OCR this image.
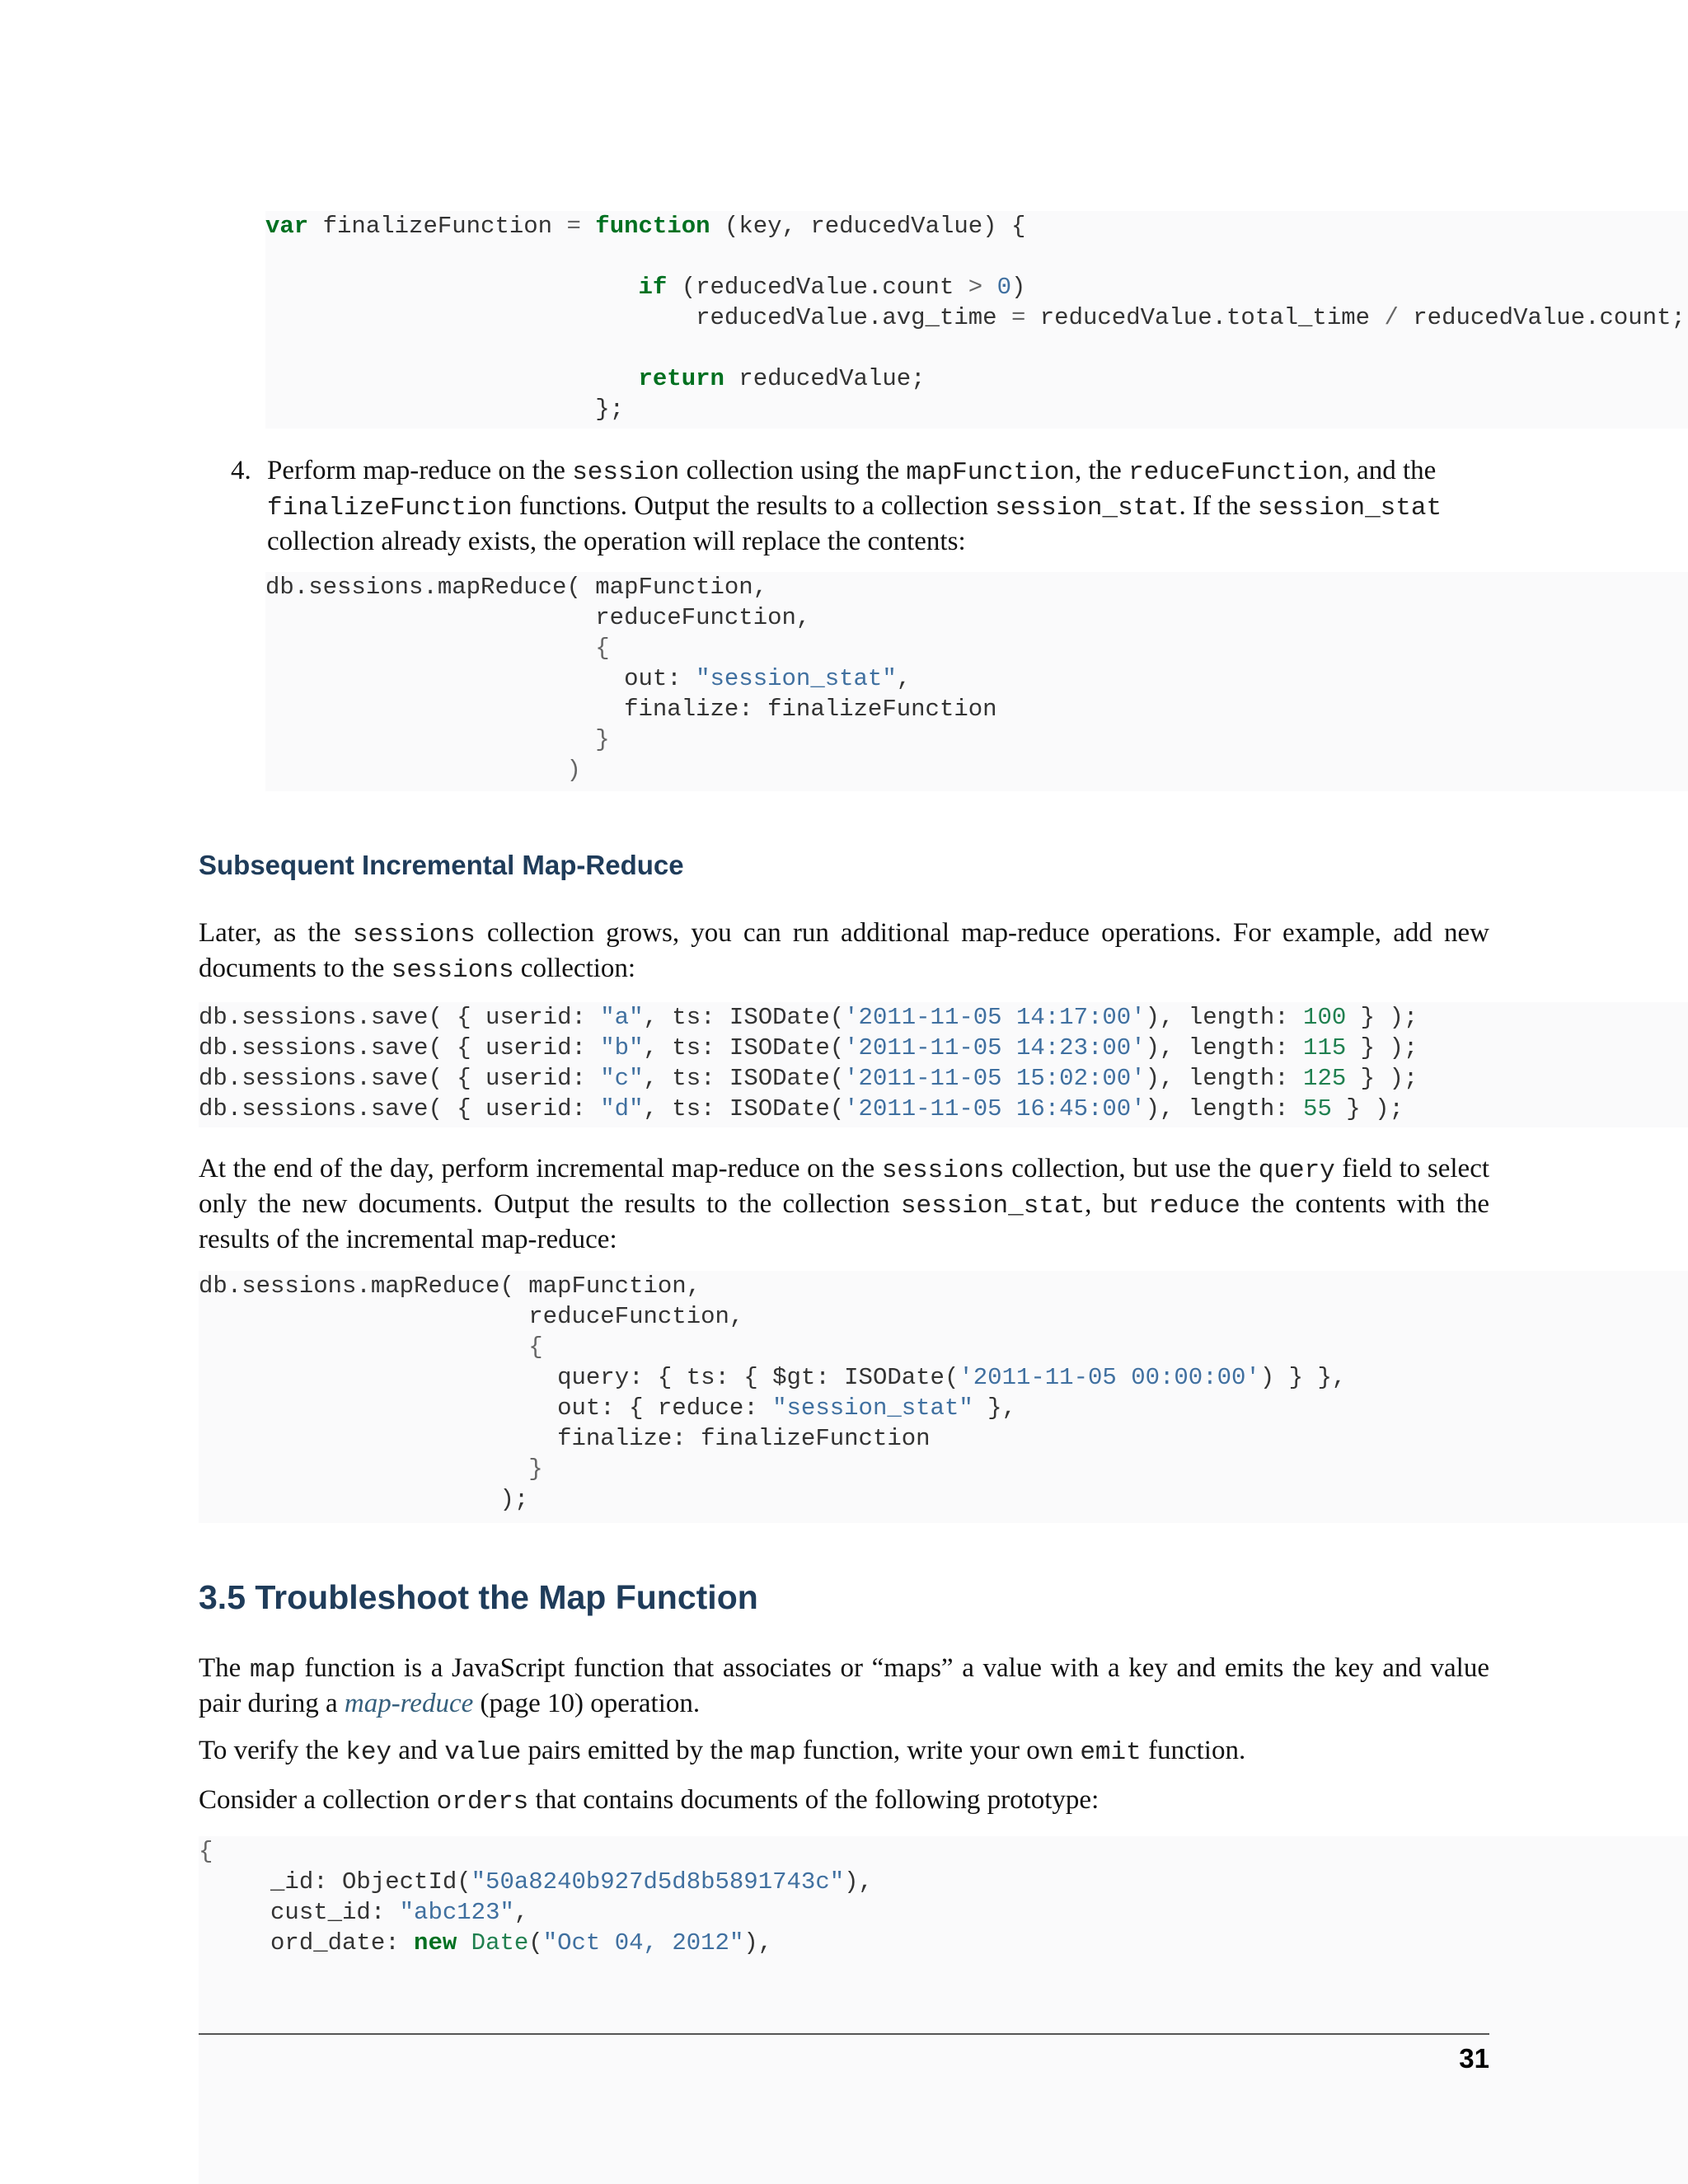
var finalizeFunction = function (key, reducedValue) {

if (reducedValue.count > 0)
reducedValue.avg_time = reducedValue.total_time / reducedValue.count;

return reducedValue;
};
4. Perform map-reduce on the session collection using the mapFunction, the reduceFunction, and the finalizeFunction functions. Output the results to a collection session_stat. If the session_stat collection already exists, the operation will replace the contents:
db.sessions.mapReduce( mapFunction,
reduceFunction,
{
out: "session_stat",
finalize: finalizeFunction
}
)
Subsequent Incremental Map-Reduce
Later, as the sessions collection grows, you can run additional map-reduce operations. For example, add new documents to the sessions collection:
db.sessions.save( { userid: "a", ts: ISODate('2011-11-05 14:17:00'), length: 100 } );
db.sessions.save( { userid: "b", ts: ISODate('2011-11-05 14:23:00'), length: 115 } );
db.sessions.save( { userid: "c", ts: ISODate('2011-11-05 15:02:00'), length: 125 } );
db.sessions.save( { userid: "d", ts: ISODate('2011-11-05 16:45:00'), length: 55 } );
At the end of the day, perform incremental map-reduce on the sessions collection, but use the query field to select only the new documents. Output the results to the collection session_stat, but reduce the contents with the results of the incremental map-reduce:
db.sessions.mapReduce( mapFunction,
reduceFunction,
{
query: { ts: { $gt: ISODate('2011-11-05 00:00:00') } },
out: { reduce: "session_stat" },
finalize: finalizeFunction
}
);
3.5 Troubleshoot the Map Function
The map function is a JavaScript function that associates or “maps” a value with a key and emits the key and value pair during a map-reduce (page 10) operation.
To verify the key and value pairs emitted by the map function, write your own emit function.
Consider a collection orders that contains documents of the following prototype:
{
_id: ObjectId("50a8240b927d5d8b5891743c"),
cust_id: "abc123",
ord_date: new Date("Oct 04, 2012"),
31
